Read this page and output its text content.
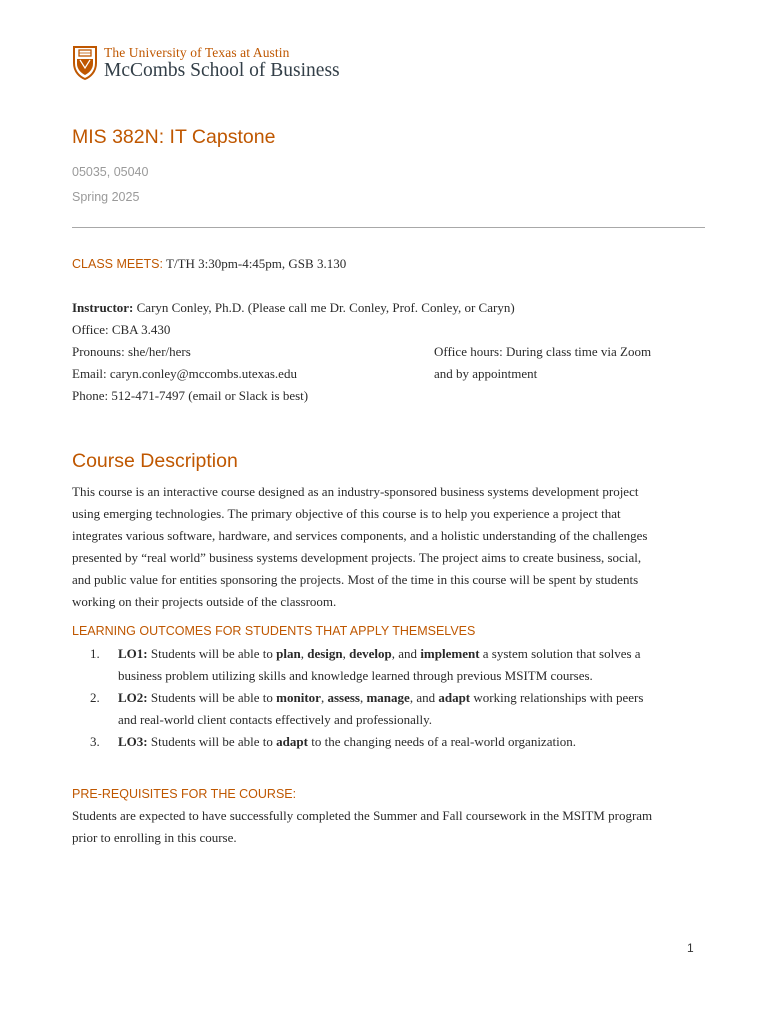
The University of Texas at Austin
McCombs School of Business
MIS 382N: IT Capstone
05035, 05040
Spring 2025
CLASS MEETS: T/TH 3:30pm-4:45pm, GSB 3.130
Instructor: Caryn Conley, Ph.D. (Please call me Dr. Conley, Prof. Conley, or Caryn)
Office: CBA 3.430
Pronouns: she/her/hers
Email: caryn.conley@mccombs.utexas.edu
Phone: 512-471-7497 (email or Slack is best)
Office hours: During class time via Zoom
and by appointment
Course Description

This course is an interactive course designed as an industry-sponsored business systems development project

using emerging technologies. The primary objective of this course is to help you experience a project that

integrates various software, hardware, and services components, and a holistic understanding of the challenges

presented by “real world” business systems development projects. The project aims to create business, social,

and public value for entities sponsoring the projects. Most of the time in this course will be spent by students

working on their projects outside of the classroom.

LEARNING OUTCOMES FOR STUDENTS THAT APPLY THEMSELVES
1.	LO1: Students will be able to plan, design, develop, and implement a system solution that solves a
business problem utilizing skills and knowledge learned through previous MSITM courses.
2.	LO2: Students will be able to monitor, assess, manage, and adapt working relationships with peers
and real-world client contacts effectively and professionally.
3.	LO3: Students will be able to adapt to the changing needs of a real-world organization.
PRE-REQUISITES FOR THE COURSE:

Students are expected to have successfully completed the Summer and Fall coursework in the MSITM program

prior to enrolling in this course.

1
